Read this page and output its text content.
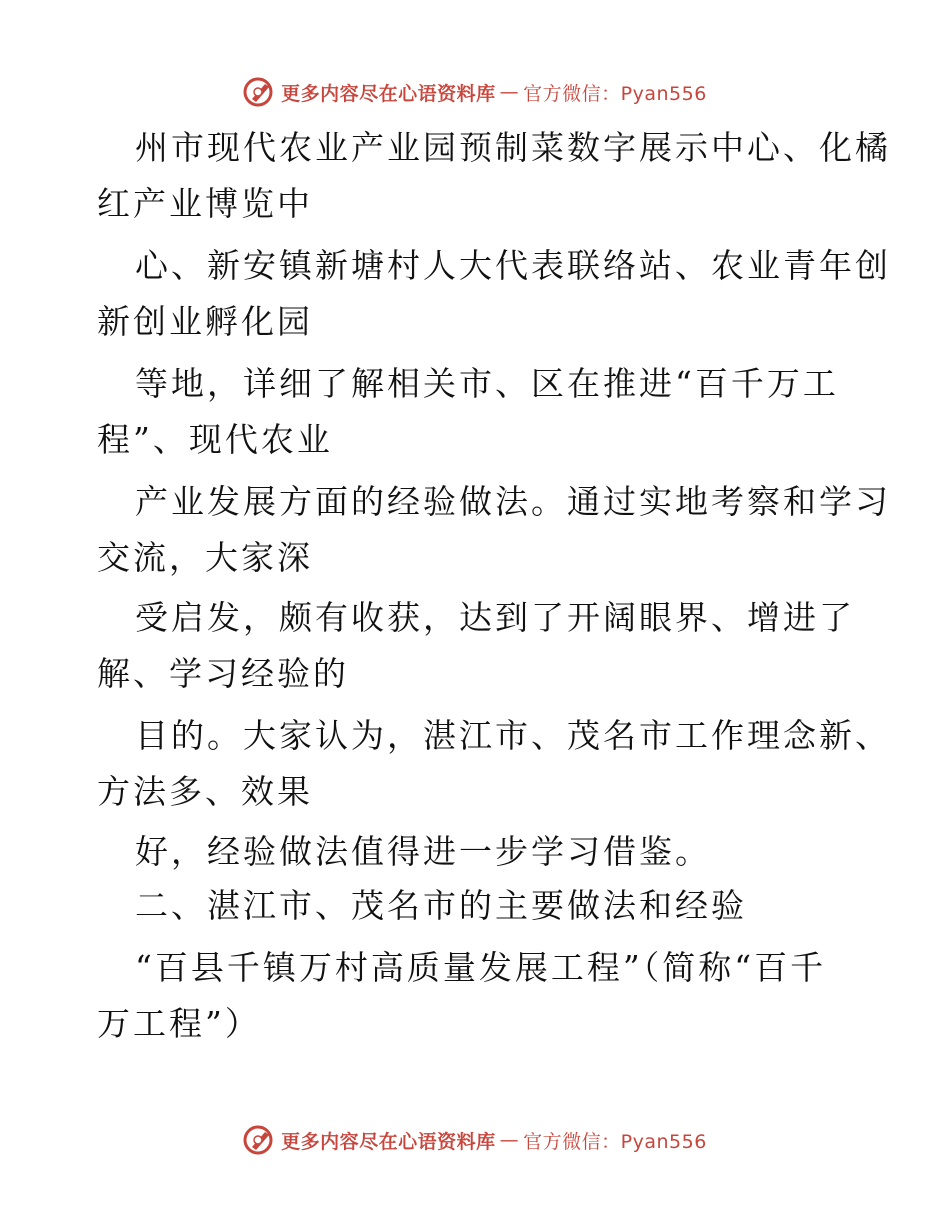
更多内容尽在心语资料库 — 官方微信：Pyan556
州市现代农业产业园预制菜数字展示中心、化橘
红产业博览中
心、新安镇新塘村人大代表联络站、农业青年创
新创业孵化园
等地，详细了解相关市、区在推进“百千万工
程”、现代农业
产业发展方面的经验做法。通过实地考察和学习
交流，大家深
受启发，颇有收获，达到了开阔眼界、增进了
解、学习经验的
目的。大家认为，湛江市、茂名市工作理念新、
方法多、效果
好，经验做法值得进一步学习借鉴。
二、湛江市、茂名市的主要做法和经验
“百县千镇万村高质量发展工程”（简称“百千
万工程”）
更多内容尽在心语资料库 — 官方微信：Pyan556
